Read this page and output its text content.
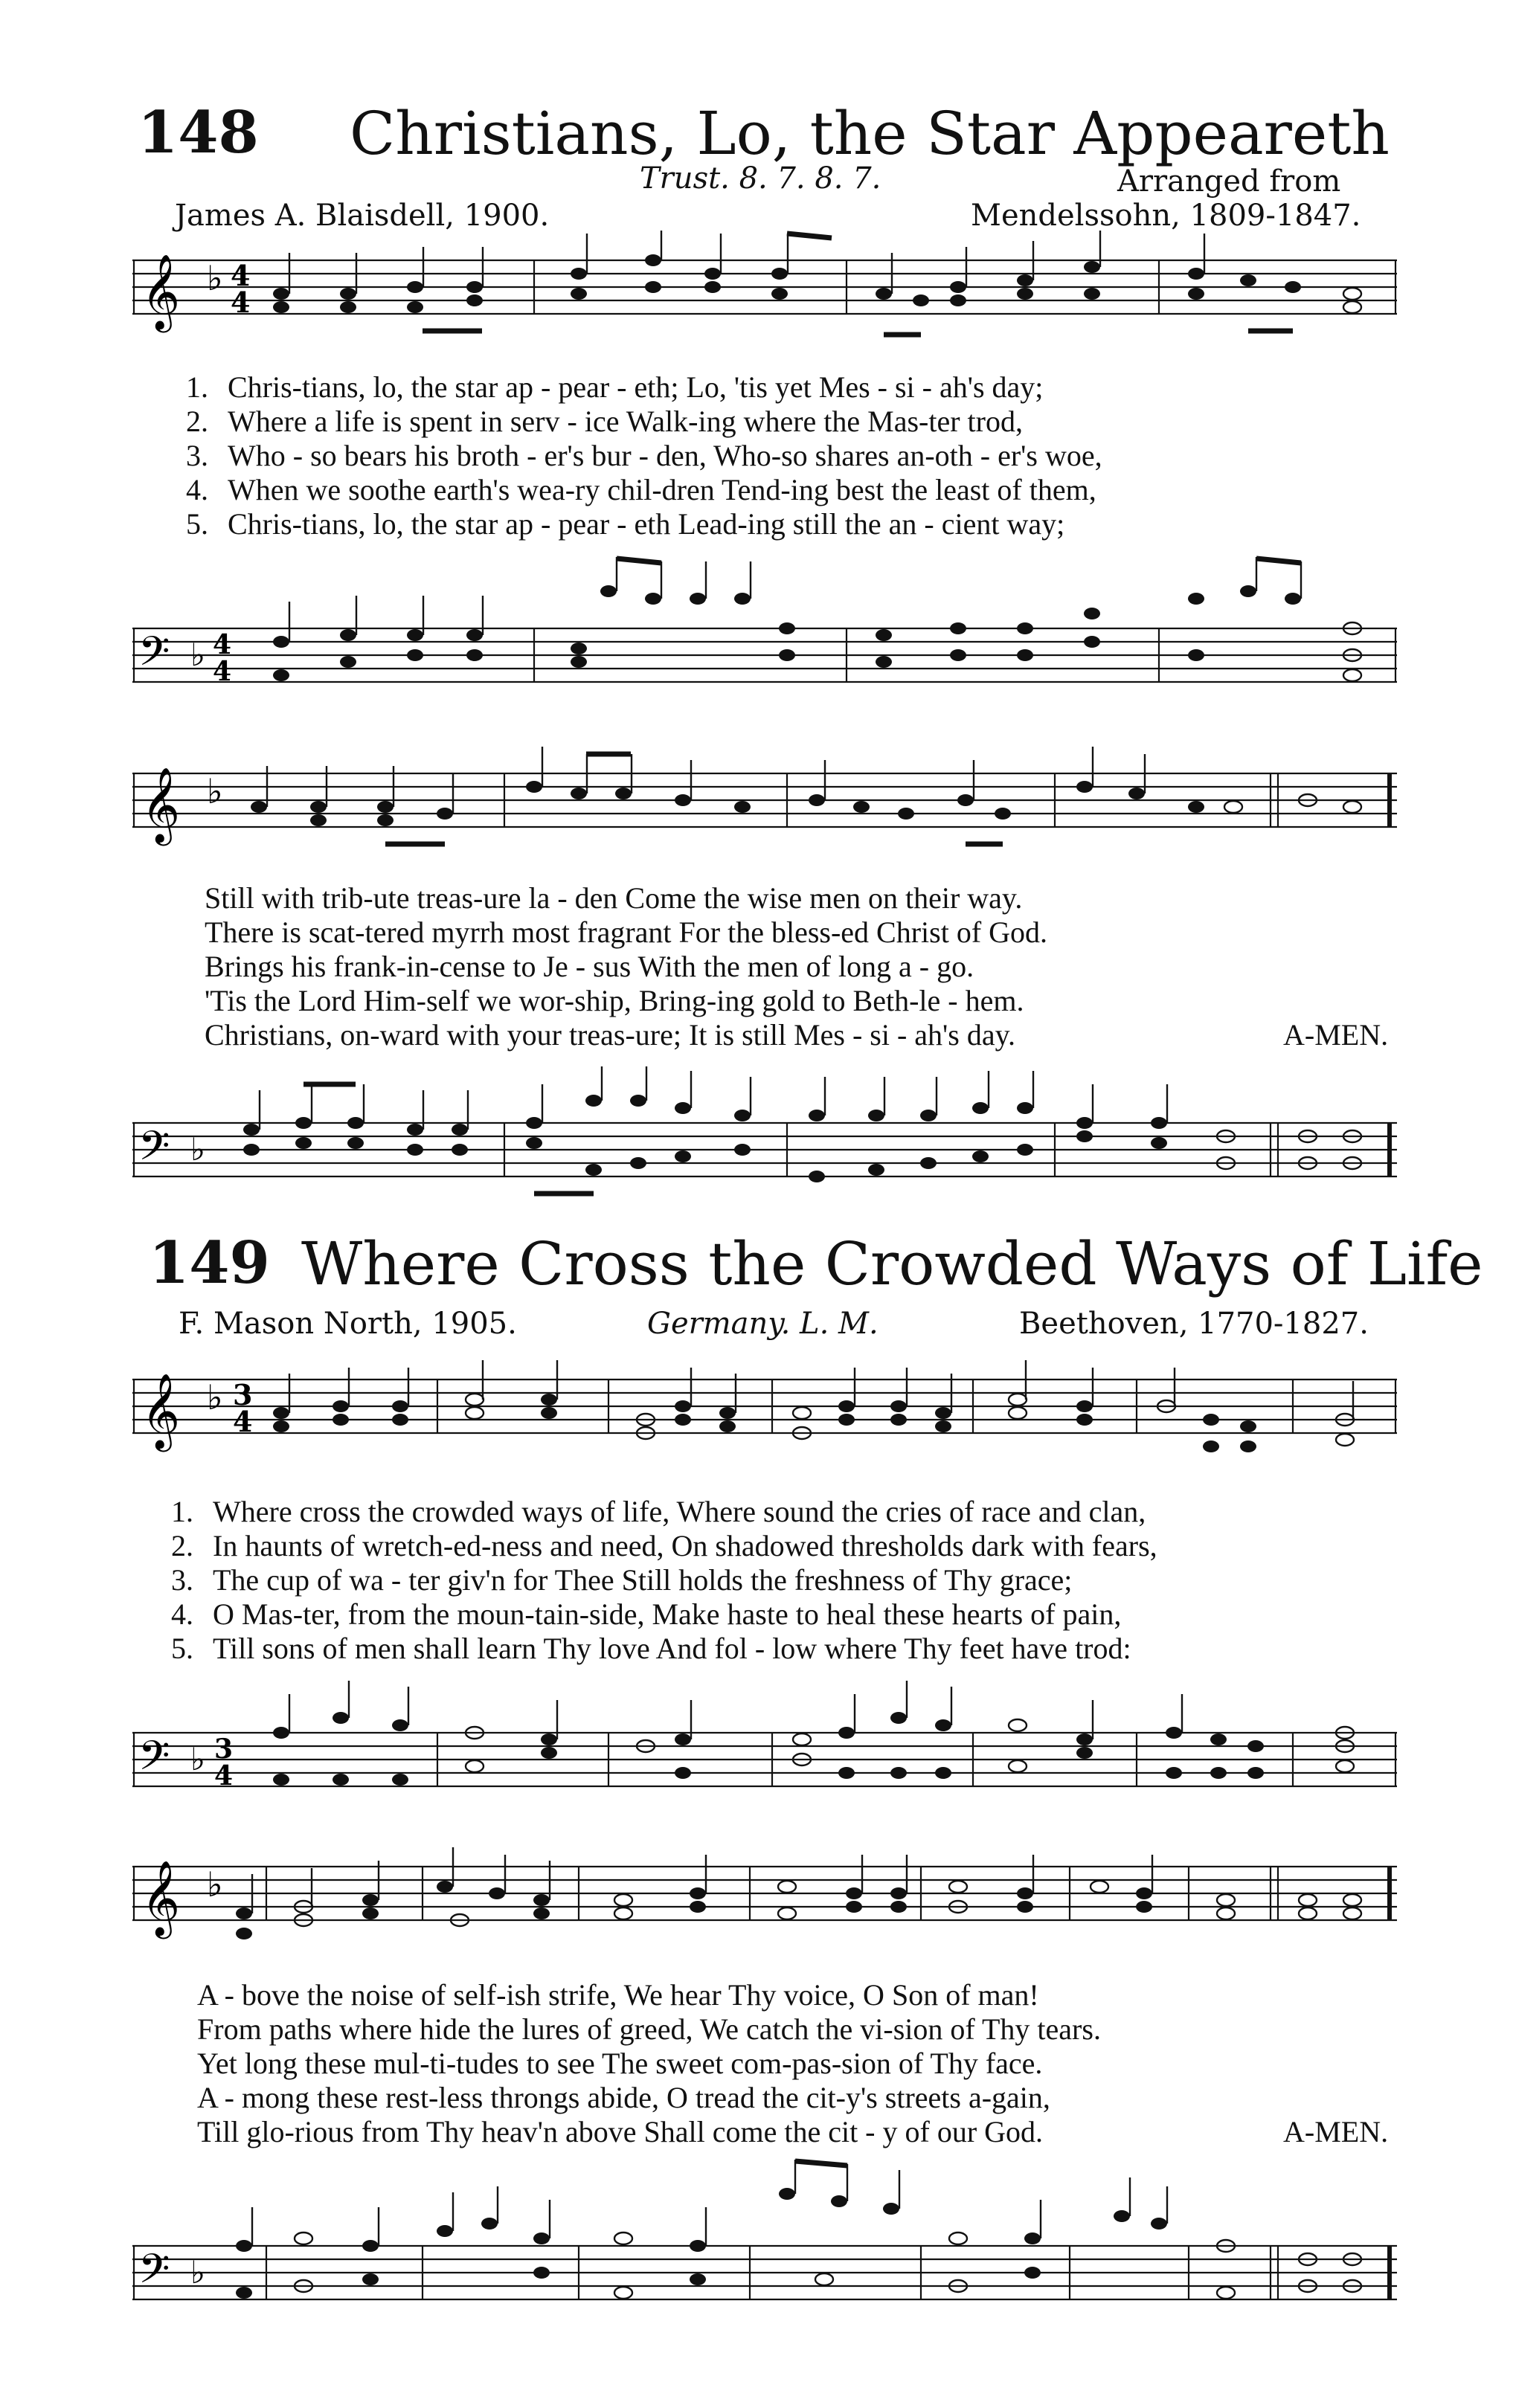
148 Christians, Lo, the Star Appeareth
Trust. 8. 7. 8. 7.	Arranged from
James A. Blaisdell, 1900.	Mendelssohn, 1809-1847.
𝄞 ♭ 4
4
1. Chris-tians, lo, the star ap - pear - eth; Lo, 'tis yet Mes - si - ah's day;
2. Where a life is spent in serv - ice Walk-ing where the Mas-ter trod,
3. Who - so bears his broth - er's bur - den, Who-so shares an-oth - er's woe,
4. When we soothe earth's wea-ry chil-dren Tend-ing best the least of them,
5. Chris-tians, lo, the star ap - pear - eth Lead-ing still the an - cient way;
𝄢 ♭ 4
4
𝄞 ♭
Still with trib-ute treas-ure la - den Come the wise men on their way.
There is scat-tered myrrh most fragrant For the bless-ed Christ of God.
Brings his frank-in-cense to Je - sus With the men of long a - go.
'Tis the Lord Him-self we wor-ship, Bring-ing gold to Beth-le - hem.
Christians, on-ward with your treas-ure; It is still Mes - si - ah's day.	A-MEN.
𝄢 ♭
149 Where Cross the Crowded Ways of Life
F. Mason North, 1905.	Germany. L. M.	Beethoven, 1770-1827.
𝄞 ♭ 3
4
1. Where cross the crowded ways of life, Where sound the cries of race and clan,
2. In haunts of wretch-ed-ness and need, On shadowed thresholds dark with fears,
3. The cup of wa - ter giv'n for Thee Still holds the freshness of Thy grace;
4. O Mas-ter, from the moun-tain-side, Make haste to heal these hearts of pain,
5. Till sons of men shall learn Thy love And fol - low where Thy feet have trod:
𝄢 ♭ 3
4
𝄞 ♭
A - bove the noise of self-ish strife, We hear Thy voice, O Son of man!
From paths where hide the lures of greed, We catch the vi-sion of Thy tears.
Yet long these mul-ti-tudes to see The sweet com-pas-sion of Thy face.
A - mong these rest-less throngs abide, O tread the cit-y's streets a-gain,
Till glo-rious from Thy heav'n above Shall come the cit - y of our God.	A-MEN.
𝄢 ♭
